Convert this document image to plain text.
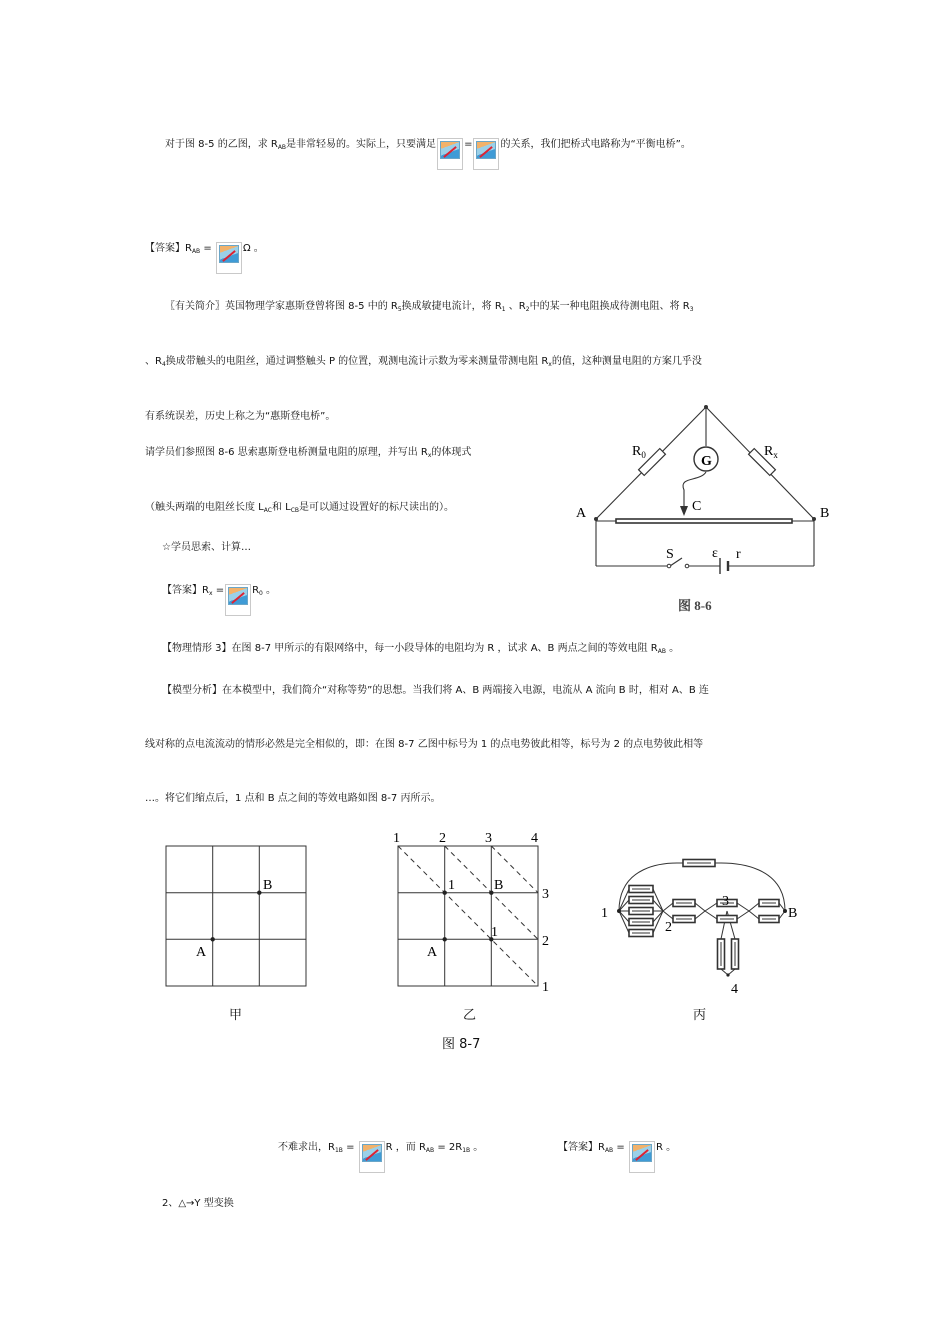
对于图 8-5 的乙图，求 $R_{AB}$是非常轻易的。实际上，只要满足	=	的关系，我们把桥式电路称为“平衡电桥”。
【答案】$R_{AB}$ =	Ω 。
〖有关简介〗英国物理学家惠斯登曾将图 8-5 中的 $R_5$换成敏捷电流计，将 $R_1$ 、$R_2$中的某一种电阻换成待测电阻、将 $R_3$
、$R_4$换成带触头的电阻丝，通过调整触头 P 的位置，观测电流计示数为零来测量带测电阻 $R_x$的值，这种测量电阻的方案几乎没
有系统误差，历史上称之为“惠斯登电桥”。
请学员们参照图 8-6 思索惠斯登电桥测量电阻的原理，并写出 $R_x$的体现式
（触头两端的电阻丝长度 $L_{AC}$和 $L_{CB}$是可以通过设置好的标尺读出的）。
☆学员思索、计算…
【答案】$R_x$ =	$R_0$ 。
G
$R_0$	$R_x$
C
A	B
S	ε r
图 8-6
【物理情形 3】在图 8-7 甲所示的有限网络中，每一小段导体的电阻均为 R ，试求 A、B 两点之间的等效电阻 $R_{AB}$ 。
【模型分析】在本模型中，我们简介“对称等势”的思想。当我们将 A、B 两端接入电源，电流从 A 流向 B 时，相对 A、B 连
线对称的点电流流动的情形必然是完全相似的，即：在图 8-7 乙图中标号为 1 的点电势彼此相等，标号为 2 的点电势彼此相等
…。将它们缩点后，1 点和 B 点之间的等效电路如图 8-7 丙所示。
A
B
1	2	3	4
3
2
1
1	B
1
A
1
2
3
B
4
甲	乙	丙
图 8-7
不难求出，$R_{1B}$ =	R ，而 $R_{AB} = 2R_{1B}$ 。	【答案】$R_{AB}$ =	R 。
2、△→Y 型变换
